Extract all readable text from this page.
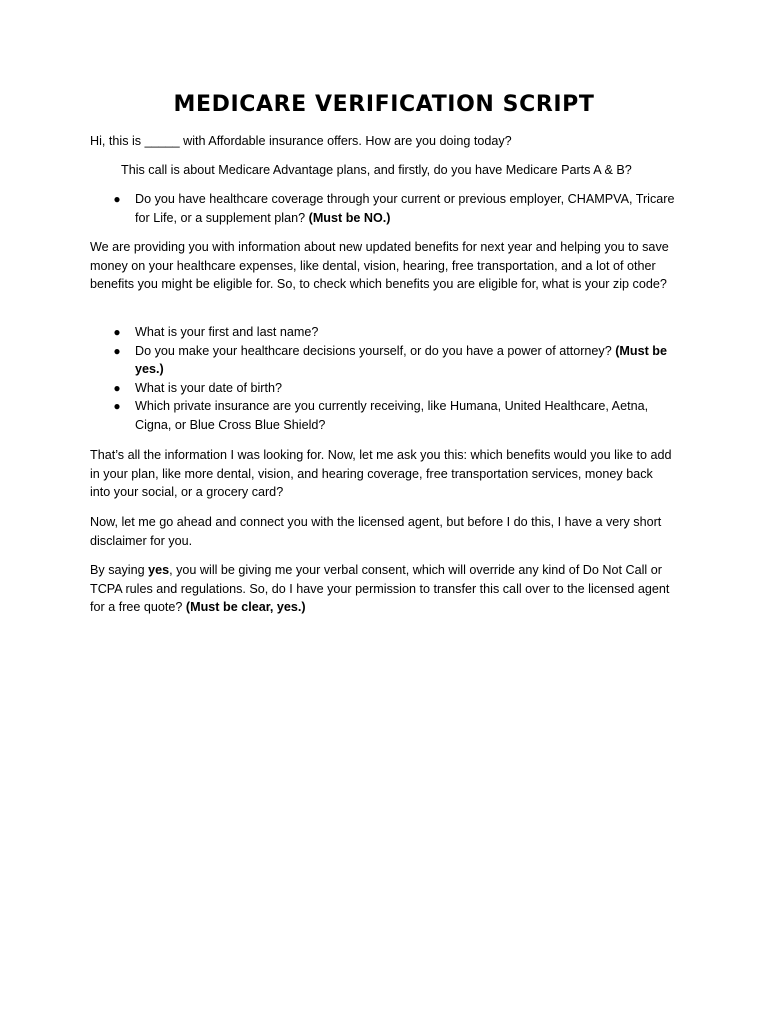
MEDICARE VERIFICATION SCRIPT
Hi, this is _____ with Affordable insurance offers. How are you doing today?
This call is about Medicare Advantage plans, and firstly, do you have Medicare Parts A & B?
● Do you have healthcare coverage through your current or previous employer, CHAMPVA, Tricare for Life, or a supplement plan? (Must be NO.)
We are providing you with information about new updated benefits for next year and helping you to save money on your healthcare expenses, like dental, vision, hearing, free transportation, and a lot of other benefits you might be eligible for. So, to check which benefits you are eligible for, what is your zip code?
● What is your first and last name?
● Do you make your healthcare decisions yourself, or do you have a power of attorney? (Must be yes.)
● What is your date of birth?
● Which private insurance are you currently receiving, like Humana, United Healthcare, Aetna, Cigna, or Blue Cross Blue Shield?
That’s all the information I was looking for. Now, let me ask you this: which benefits would you like to add in your plan, like more dental, vision, and hearing coverage, free transportation services, money back into your social, or a grocery card?
Now, let me go ahead and connect you with the licensed agent, but before I do this, I have a very short disclaimer for you.
By saying yes, you will be giving me your verbal consent, which will override any kind of Do Not Call or TCPA rules and regulations. So, do I have your permission to transfer this call over to the licensed agent for a free quote? (Must be clear, yes.)
